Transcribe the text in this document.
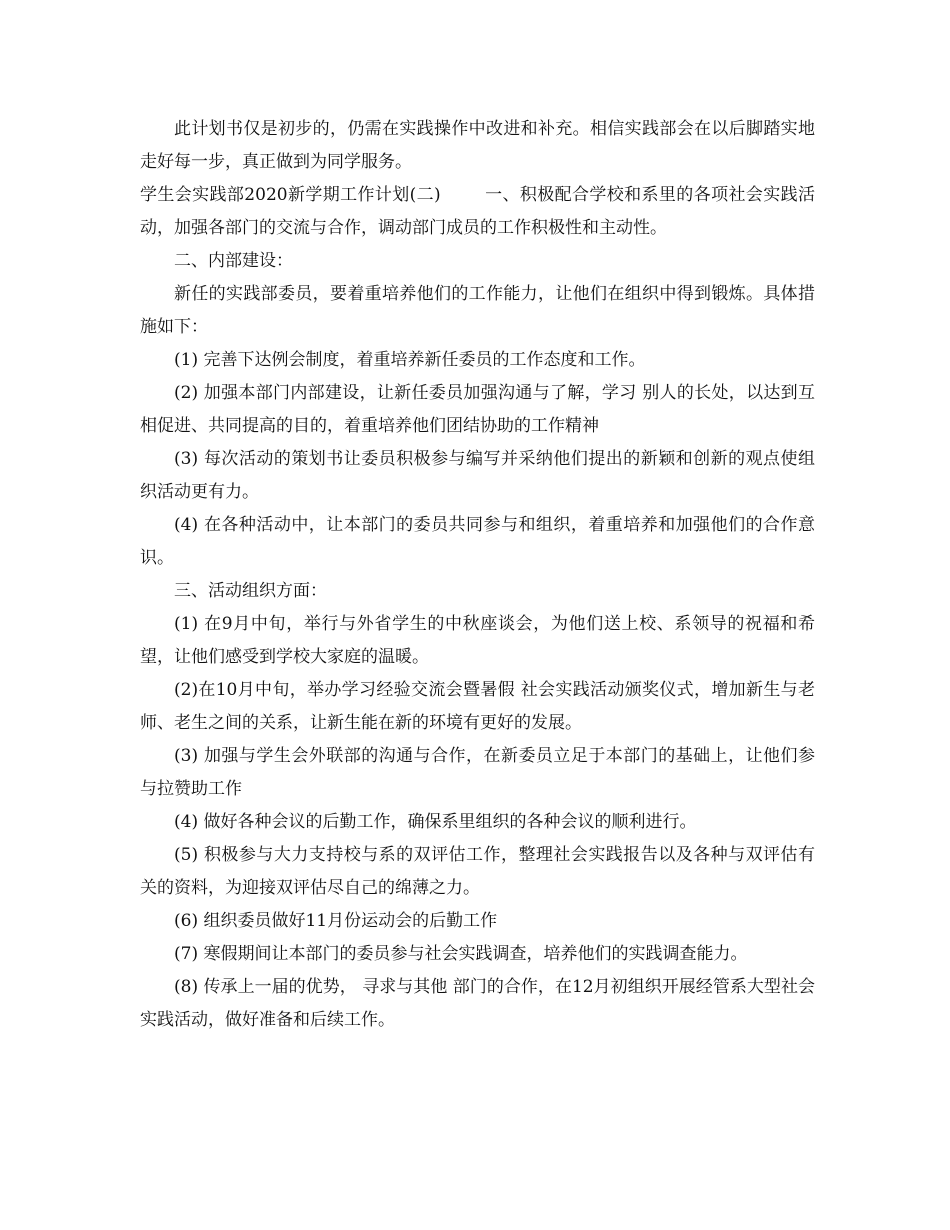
此计划书仅是初步的，仍需在实践操作中改进和补充。相信实践部会在以后脚踏实地走好每一步，真正做到为同学服务。

学生会实践部2020新学期工作计划(二)	一、积极配合学校和系里的各项社会实践活动，加强各部门的交流与合作，调动部门成员的工作积极性和主动性。

二、内部建设：

新任的实践部委员，要着重培养他们的工作能力，让他们在组织中得到锻炼。具体措施如下：

(1) 完善下达例会制度，着重培养新任委员的工作态度和工作。

(2) 加强本部门内部建设，让新任委员加强沟通与了解，学习 别人的长处，以达到互相促进、共同提高的目的，着重培养他们团结协助的工作精神

(3) 每次活动的策划书让委员积极参与编写并采纳他们提出的新颖和创新的观点使组织活动更有力。

(4) 在各种活动中，让本部门的委员共同参与和组织，着重培养和加强他们的合作意识。

三、活动组织方面：

(1) 在9月中旬，举行与外省学生的中秋座谈会，为他们送上校、系领导的祝福和希望，让他们感受到学校大家庭的温暖。

(2)在10月中旬，举办学习经验交流会暨暑假 社会实践活动颁奖仪式，增加新生与老师、老生之间的关系，让新生能在新的环境有更好的发展。

(3) 加强与学生会外联部的沟通与合作，在新委员立足于本部门的基础上，让他们参与拉赞助工作

(4) 做好各种会议的后勤工作，确保系里组织的各种会议的顺利进行。

(5) 积极参与大力支持校与系的双评估工作，整理社会实践报告以及各种与双评估有关的资料，为迎接双评估尽自己的绵薄之力。

(6) 组织委员做好11月份运动会的后勤工作

(7) 寒假期间让本部门的委员参与社会实践调查，培养他们的实践调查能力。

(8) 传承上一届的优势， 寻求与其他 部门的合作，在12月初组织开展经管系大型社会实践活动，做好准备和后续工作。
